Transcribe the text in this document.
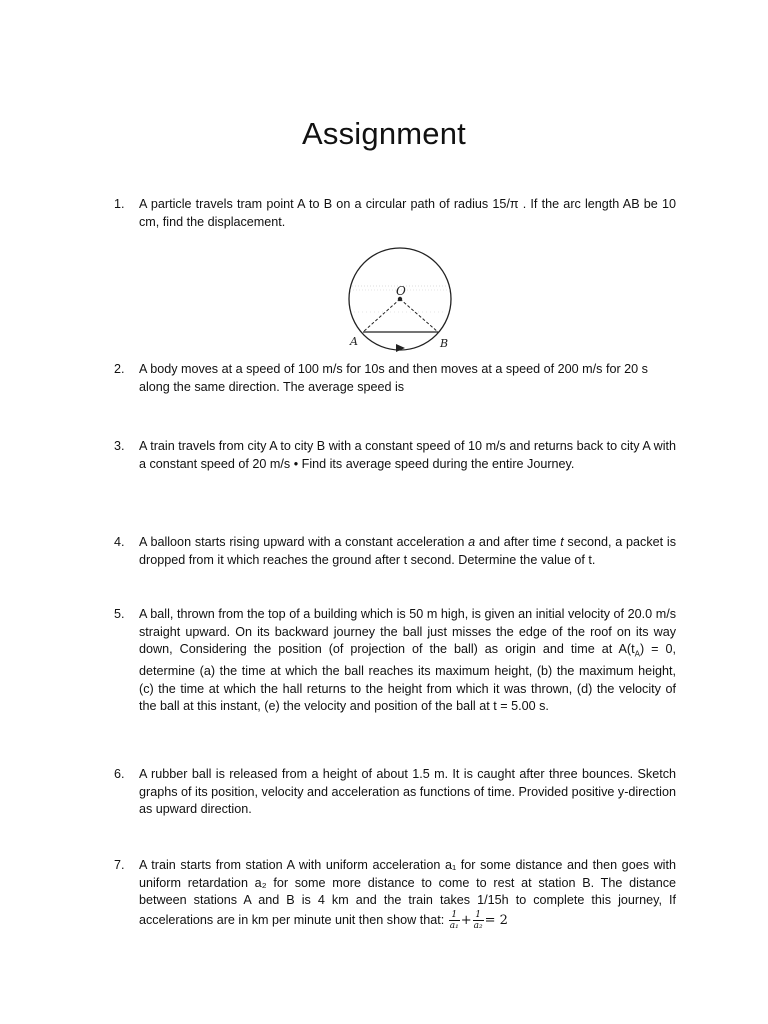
Assignment
1. A particle travels tram point A to B on a circular path of radius 15/π . If the arc length AB be 10 cm, find the displacement.
O
A	B
2. A body moves at a speed of 100 m/s for 10s and then moves at a speed of 200 m/s for 20 s along the same direction. The average speed is
3. A train travels from city A to city B with a constant speed of 10 m/s and returns back to city A with a constant speed of 20 m/s • Find its average speed during the entire Journey.
4. A balloon starts rising upward with a constant acceleration a and after time t second, a packet is dropped from it which reaches the ground after t second. Determine the value of t.
5. A ball, thrown from the top of a building which is 50 m high, is given an initial velocity of 20.0 m/s straight upward. On its backward journey the ball just misses the edge of the roof on its way down, Considering the position (of projection of the ball) as origin and time at $A(t_A) = 0$, determine (a) the time at which the ball reaches its maximum height, (b) the maximum height, (c) the time at which the hall returns to the height from which it was thrown, (d) the velocity of the ball at this instant, (e) the velocity and position of the ball at t = 5.00 s.
6. A rubber ball is released from a height of about 1.5 m. It is caught after three bounces. Sketch graphs of its position, velocity and acceleration as functions of time. Provided positive y-direction as upward direction.
7. A train starts from station A with uniform acceleration a₁ for some distance and then goes with uniform retardation a₂ for some more distance to come to rest at station B. The distance between stations A and B is 4 km and the train takes 1/15h to complete this journey, If accelerations are in km per minute unit then show that: $\frac{1}{\text{a₁}} + \frac{1}{\text{a₂}} = 2$
